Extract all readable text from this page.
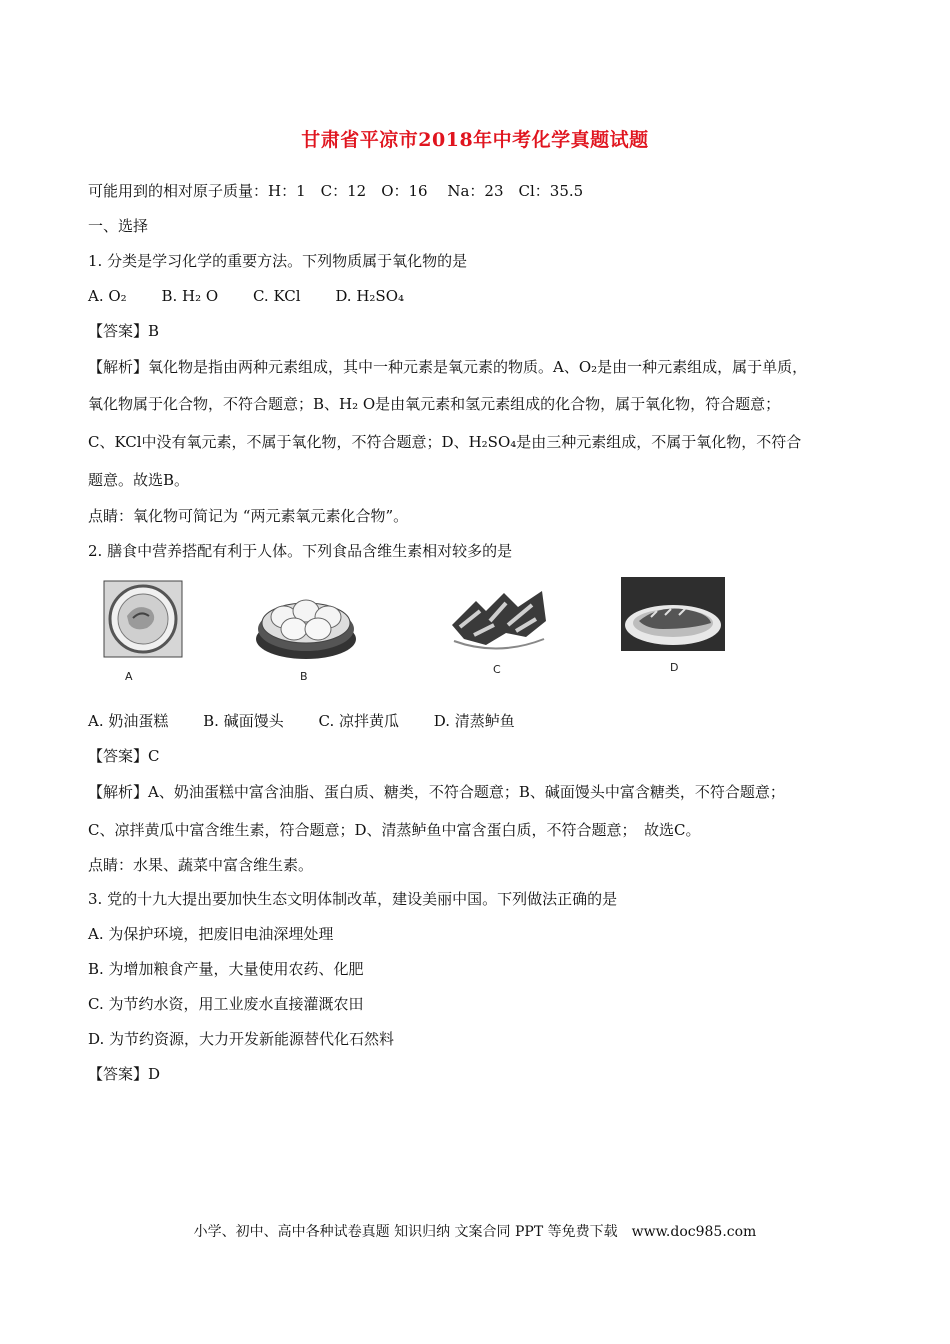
甘肃省平凉市2018年中考化学真题试题
可能用到的相对原子质量：H：1　C：12　O：16　 Na：23　Cl：35.5
一、选择
1. 分类是学习化学的重要方法。下列物质属于氧化物的是
A. O₂ B. H₂ O C. KCl D. H₂SO₄
【答案】B
【解析】氧化物是指由两种元素组成，其中一种元素是氧元素的物质。A、O₂是由一种元素组成，属于单质，
氧化物属于化合物，不符合题意；B、H₂ O是由氧元素和氢元素组成的化合物，属于氧化物，符合题意；
C、KCl中没有氧元素，不属于氧化物，不符合题意；D、H₂SO₄是由三种元素组成，不属于氧化物，不符合
题意。故选B。
点睛：氧化物可简记为 “两元素氧元素化合物”。
2. 膳食中营养搭配有利于人体。下列食品含维生素相对较多的是
A	B
C	D
A. 奶油蛋糕 B. 碱面馒头 C. 凉拌黄瓜 D. 清蒸鲈鱼
【答案】C
【解析】A、奶油蛋糕中富含油脂、蛋白质、糖类，不符合题意；B、碱面馒头中富含糖类，不符合题意；
C、凉拌黄瓜中富含维生素，符合题意；D、清蒸鲈鱼中富含蛋白质，不符合题意；　故选C。
点睛：水果、蔬菜中富含维生素。
3. 党的十九大提出要加快生态文明体制改革，建设美丽中国。下列做法正确的是
A. 为保护环境，把废旧电油深埋处理
B. 为增加粮食产量，大量使用农药、化肥
C. 为节约水资，用工业废水直接灌溉农田
D. 为节约资源，大力开发新能源替代化石然料
【答案】D
小学、初中、高中各种试卷真题 知识归纳 文案合同 PPT 等免费下载　www.doc985.com
